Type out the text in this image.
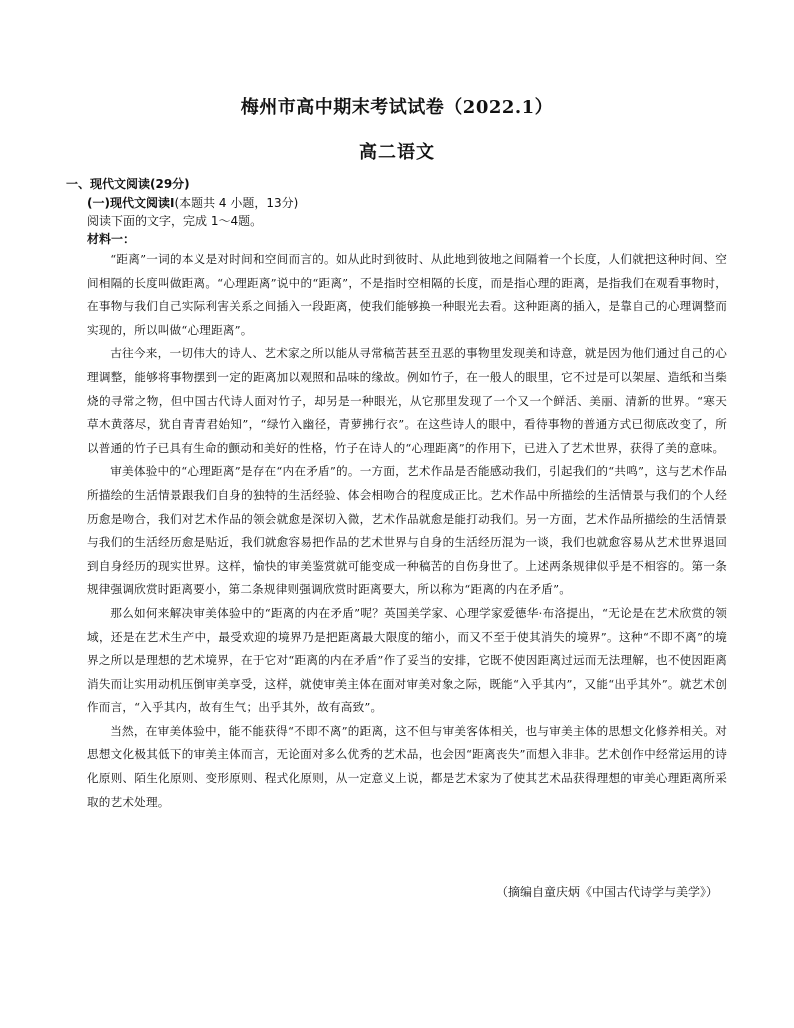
梅州市高中期末考试试卷（2022.1）
高二语文
一、现代文阅读(29分)
(一)现代文阅读Ⅰ(本题共 4 小题，13分)
阅读下面的文字，完成 1～4题。
材料一：

“距离”一词的本义是对时间和空间而言的。如从此时到彼时、从此地到彼地之间隔着一个长度，人们就把这种时间、空间相隔的长度叫做距离。“心理距离”说中的“距离”，不是指时空相隔的长度，而是指心理的距离，是指我们在观看事物时，在事物与我们自己实际利害关系之间插入一段距离，使我们能够换一种眼光去看。这种距离的插入，是靠自己的心理调整而实现的，所以叫做“心理距离”。

古往今来，一切伟大的诗人、艺术家之所以能从寻常稿苦甚至丑恶的事物里发现美和诗意，就是因为他们通过自己的心理调整，能够将事物摆到一定的距离加以观照和品味的缘故。例如竹子，在一般人的眼里，它不过是可以架屋、造纸和当柴烧的寻常之物，但中国古代诗人面对竹子，却另是一种眼光，从它那里发现了一个又一个鲜活、美丽、清新的世界。“寒天草木黄落尽，犹自青青君始知”，“绿竹入幽径，青萝拂行衣”。在这些诗人的眼中，看待事物的普通方式已彻底改变了，所以普通的竹子已具有生命的颤动和美好的性格，竹子在诗人的“心理距离”的作用下，已进入了艺术世界，获得了美的意味。

审美体验中的“心理距离”是存在“内在矛盾”的。一方面，艺术作品是否能感动我们，引起我们的“共鸣”，这与艺术作品所描绘的生活情景跟我们自身的独特的生活经验、体会相吻合的程度成正比。艺术作品中所描绘的生活情景与我们的个人经历愈是吻合，我们对艺术作品的领会就愈是深切入微，艺术作品就愈是能打动我们。另一方面，艺术作品所描绘的生活情景与我们的生活经历愈是贴近，我们就愈容易把作品的艺术世界与自身的生活经历混为一谈，我们也就愈容易从艺术世界退回到自身经历的现实世界。这样，愉快的审美鉴赏就可能变成一种稿苦的自伤身世了。上述两条规律似乎是不相容的。第一条规律强调欣赏时距离要小，第二条规律则强调欣赏时距离要大，所以称为“距离的内在矛盾”。

那么如何来解决审美体验中的“距离的内在矛盾”呢？英国美学家、心理学家爱德华·布洛提出，“无论是在艺术欣赏的领域，还是在艺术生产中，最受欢迎的境界乃是把距离最大限度的缩小，而又不至于使其消失的境界”。这种“不即不离”的境界之所以是理想的艺术境界，在于它对“距离的内在矛盾”作了妥当的安排，它既不使因距离过远而无法理解，也不使因距离消失而让实用动机压倒审美享受，这样，就使审美主体在面对审美对象之际，既能“入乎其内”，又能“出乎其外”。就艺术创作而言，“入乎其内，故有生气；出乎其外，故有高致”。

当然，在审美体验中，能不能获得“不即不离”的距离，这不但与审美客体相关，也与审美主体的思想文化修养相关。对思想文化极其低下的审美主体而言，无论面对多么优秀的艺术品，也会因“距离丧失”而想入非非。艺术创作中经常运用的诗化原则、陌生化原则、变形原则、程式化原则，从一定意义上说，都是艺术家为了使其艺术品获得理想的审美心理距离所采取的艺术处理。

（摘编自童庆炳《中国古代诗学与美学》）
